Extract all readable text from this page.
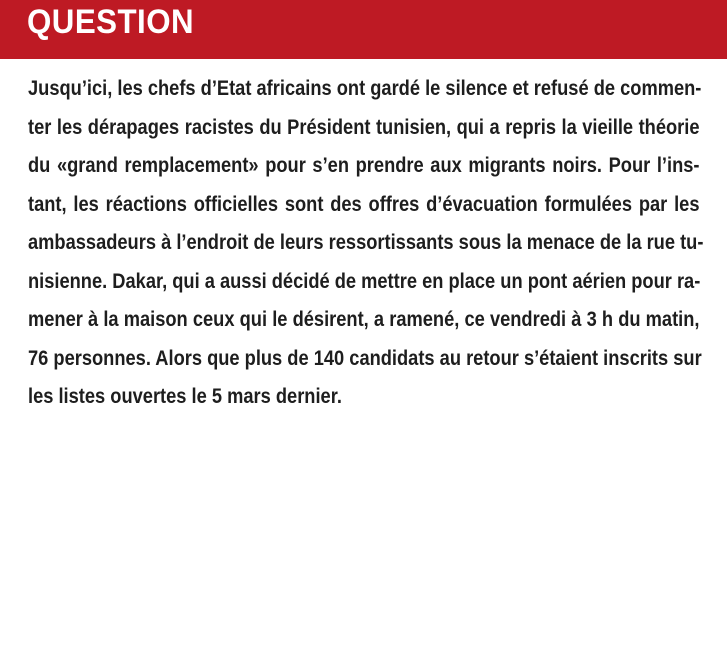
QUESTION
Jusqu’ici, les chefs d’Etat africains ont gardé le silence et refusé de commen-
ter les dérapages racistes du Président tunisien, qui a repris la vieille théorie
du «grand remplacement» pour s’en prendre aux migrants noirs. Pour l’ins-
tant, les réactions officielles sont des offres d’évacuation formulées par les
ambassadeurs à l’endroit de leurs ressortissants sous la menace de la rue tu-
nisienne. Dakar, qui a aussi décidé de mettre en place un pont aérien pour ra-
mener à la maison ceux qui le désirent, a ramené, ce vendredi à 3 h du matin,
76 personnes. Alors que plus de 140 candidats au retour s’étaient inscrits sur
les listes ouvertes le 5 mars dernier.
